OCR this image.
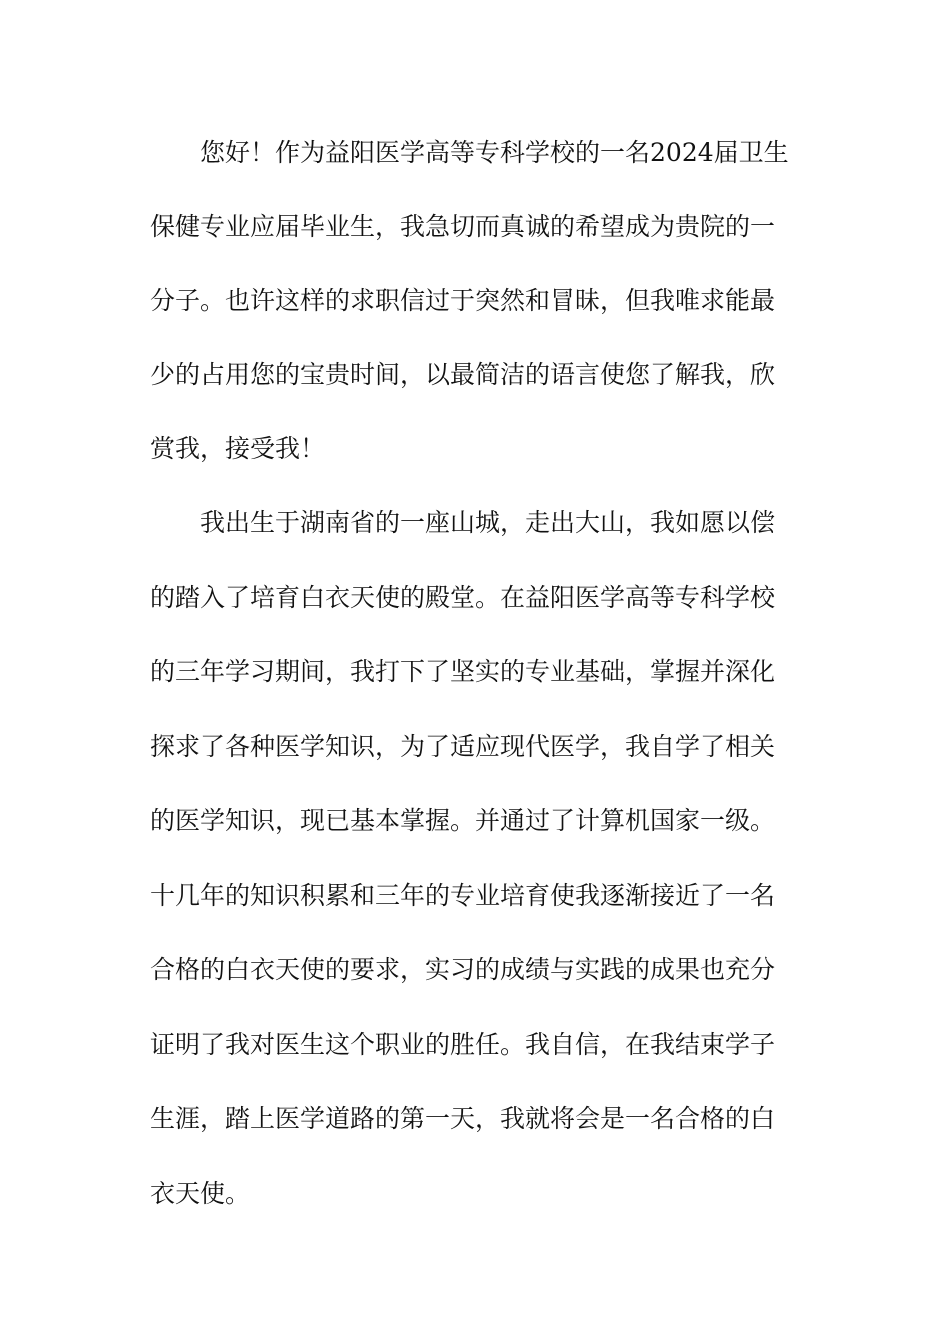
您好！作为益阳医学高等专科学校的一名2024届卫生
保健专业应届毕业生，我急切而真诚的希望成为贵院的一
分子。也许这样的求职信过于突然和冒昧，但我唯求能最
少的占用您的宝贵时间，以最简洁的语言使您了解我，欣
赏我，接受我！
我出生于湖南省的一座山城，走出大山，我如愿以偿
的踏入了培育白衣天使的殿堂。在益阳医学高等专科学校
的三年学习期间，我打下了坚实的专业基础，掌握并深化
探求了各种医学知识，为了适应现代医学，我自学了相关
的医学知识，现已基本掌握。并通过了计算机国家一级。
十几年的知识积累和三年的专业培育使我逐渐接近了一名
合格的白衣天使的要求，实习的成绩与实践的成果也充分
证明了我对医生这个职业的胜任。我自信，在我结束学子
生涯，踏上医学道路的第一天，我就将会是一名合格的白
衣天使。
